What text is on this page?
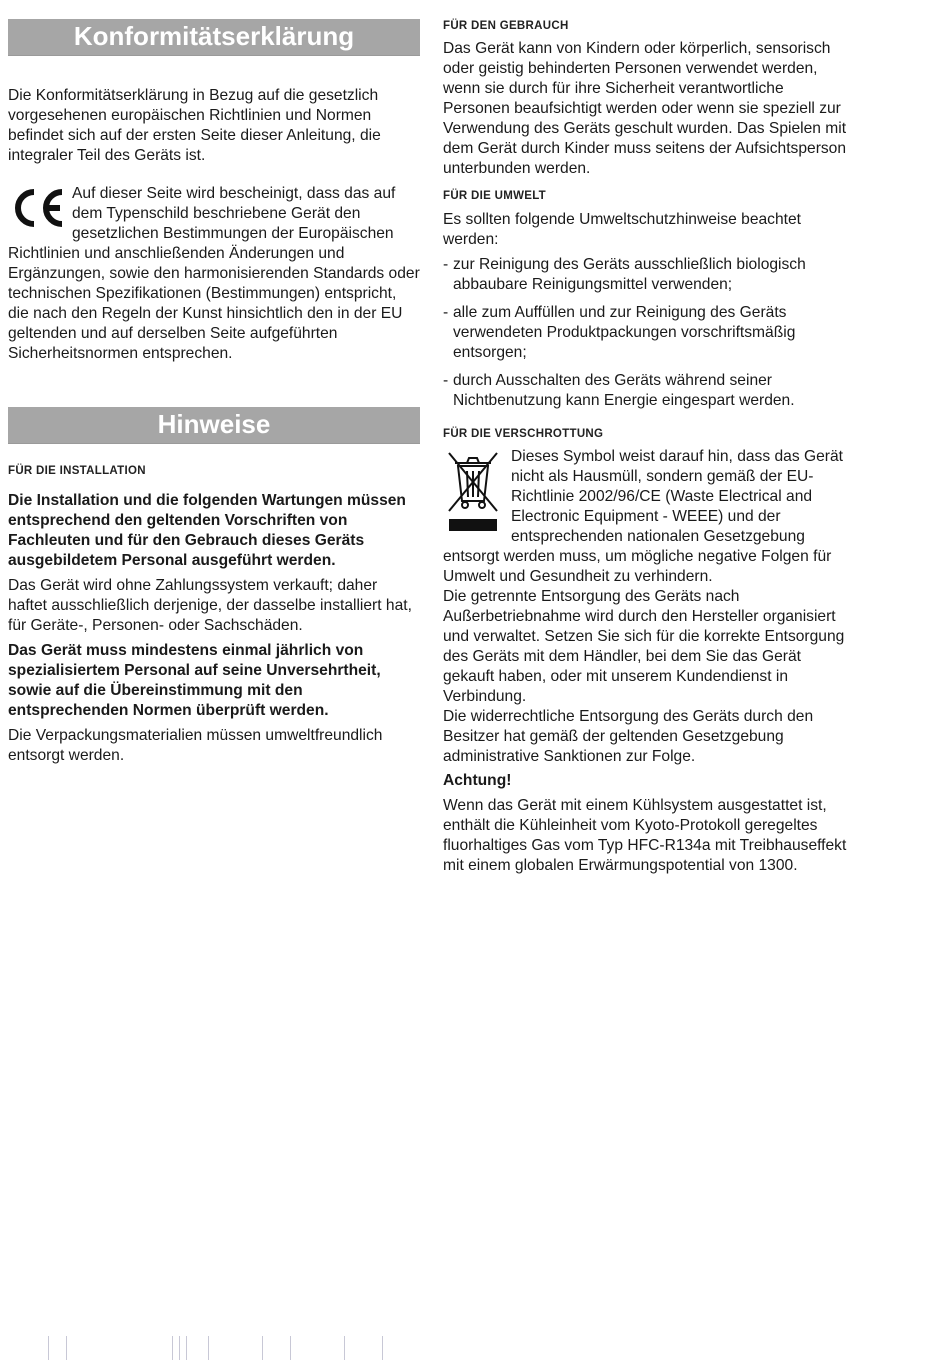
Konformitätserklärung

Die Konformitätserklärung in Bezug auf die gesetzlich vorgesehenen europäischen Richtlinien und Normen befindet sich auf der ersten Seite dieser Anleitung, die integraler Teil des Geräts ist.

Auf dieser Seite wird bescheinigt, dass das auf dem Typenschild beschriebene Gerät den gesetzlichen Bestimmungen der Europäischen Richtlinien und anschließenden Änderungen und Ergänzungen, sowie den harmonisierenden Standards oder technischen Spezifikationen (Bestimmungen) entspricht, die nach den Regeln der Kunst hinsichtlich den in der EU geltenden und auf derselben Seite aufgeführten Sicherheitsnormen entsprechen.

Hinweise

FÜR DIE INSTALLATION

Die Installation und die folgenden Wartungen müssen entsprechend den geltenden Vorschriften von Fachleuten und für den Gebrauch dieses Geräts ausgebildetem Personal ausgeführt werden.

Das Gerät wird ohne Zahlungssystem verkauft; daher haftet ausschließlich derjenige, der dasselbe installiert hat, für Geräte-, Personen- oder Sachschäden.

Das Gerät muss mindestens einmal jährlich von spezialisiertem Personal auf seine Unversehrtheit, sowie auf die Übereinstimmung mit den entsprechenden Normen überprüft werden.

Die Verpackungsmaterialien müssen umweltfreundlich entsorgt werden.

FÜR DEN GEBRAUCH

Das Gerät kann von Kindern oder körperlich, sensorisch oder geistig behinderten Personen verwendet werden, wenn sie durch für ihre Sicherheit verantwortliche Personen beaufsichtigt werden oder wenn sie speziell zur Verwendung des Geräts geschult wurden. Das Spielen mit dem Gerät durch Kinder muss seitens der Aufsichtsperson unterbunden werden.

FÜR DIE UMWELT

Es sollten folgende Umweltschutzhinweise beachtet werden:

- zur Reinigung des Geräts ausschließlich biologisch abbaubare Reinigungsmittel verwenden;
- alle zum Auffüllen und zur Reinigung des Geräts verwendeten Produktpackungen vorschriftsmäßig entsorgen;
- durch Ausschalten des Geräts während seiner Nichtbenutzung kann Energie eingespart werden.

FÜR DIE VERSCHROTTUNG

Dieses Symbol weist darauf hin, dass das Gerät nicht als Hausmüll, sondern gemäß der EU-Richtlinie 2002/96/CE (Waste Electrical and Electronic Equipment - WEEE) und der entsprechenden nationalen Gesetzgebung entsorgt werden muss, um mögliche negative Folgen für Umwelt und Gesundheit zu verhindern.

Die getrennte Entsorgung des Geräts nach Außerbetriebnahme wird durch den Hersteller organisiert und verwaltet. Setzen Sie sich für die korrekte Entsorgung des Geräts mit dem Händler, bei dem Sie das Gerät gekauft haben, oder mit unserem Kundendienst in Verbindung.

Die widerrechtliche Entsorgung des Geräts durch den Besitzer hat gemäß der geltenden Gesetzgebung administrative Sanktionen zur Folge.

Achtung!

Wenn das Gerät mit einem Kühlsystem ausgestattet ist, enthält die Kühleinheit vom Kyoto-Protokoll geregeltes fluorhaltiges Gas vom Typ HFC-R134a mit Treibhauseffekt mit einem globalen Erwärmungspotential von 1300.
